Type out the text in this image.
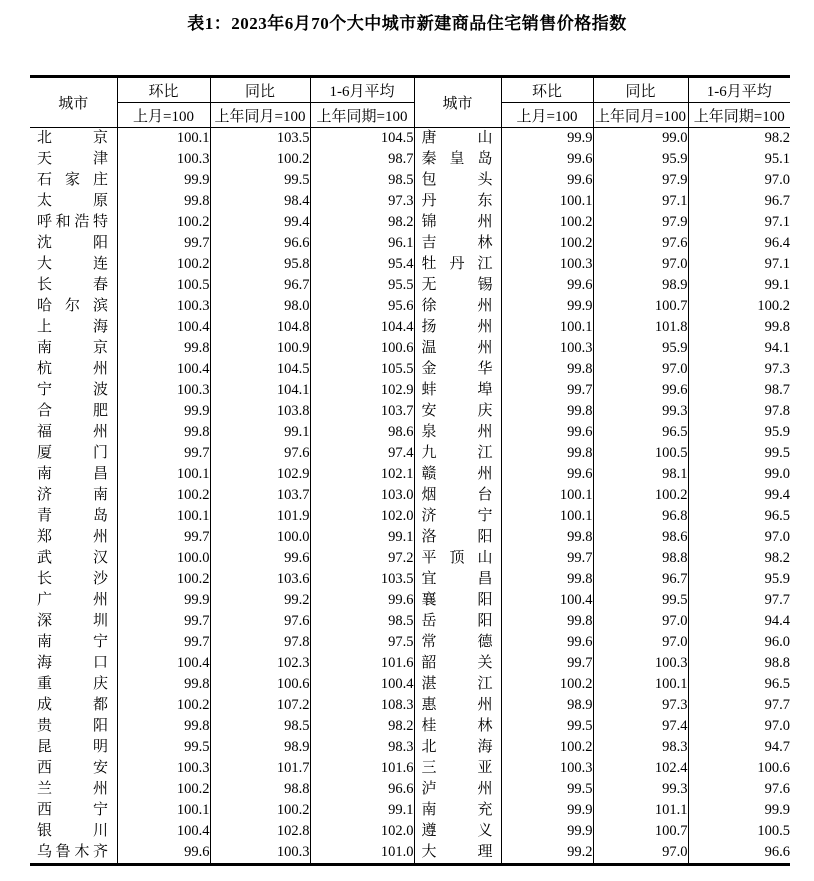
表1：2023年6月70个大中城市新建商品住宅销售价格指数
城市	环比	同比	1-6月平均	城市	环比	同比	1-6月平均
	上月=100	上年同月=100	上年同期=100		上月=100	上年同月=100	上年同期=100

北 京	100.1	103.5	104.5	唐 山	99.9	99.0	98.2

天 津	100.3	100.2	98.7	秦 皇 岛	99.6	95.9	95.1

石 家 庄	99.9	99.5	98.5	包 头	99.6	97.9	97.0

太 原	99.8	98.4	97.3	丹 东	100.1	97.1	96.7

呼 和 浩 特	100.2	99.4	98.2	锦 州	100.2	97.9	97.1

沈 阳	99.7	96.6	96.1	吉 林	100.2	97.6	96.4

大 连	100.2	95.8	95.4	牡 丹 江	100.3	97.0	97.1

长 春	100.5	96.7	95.5	无 锡	99.6	98.9	99.1

哈 尔 滨	100.3	98.0	95.6	徐 州	99.9	100.7	100.2

上 海	100.4	104.8	104.4	扬 州	100.1	101.8	99.8

南 京	99.8	100.9	100.6	温 州	100.3	95.9	94.1

杭 州	100.4	104.5	105.5	金 华	99.8	97.0	97.3

宁 波	100.3	104.1	102.9	蚌 埠	99.7	99.6	98.7

合 肥	99.9	103.8	103.7	安 庆	99.8	99.3	97.8

福 州	99.8	99.1	98.6	泉 州	99.6	96.5	95.9

厦 门	99.7	97.6	97.4	九 江	99.8	100.5	99.5

南 昌	100.1	102.9	102.1	赣 州	99.6	98.1	99.0

济 南	100.2	103.7	103.0	烟 台	100.1	100.2	99.4

青 岛	100.1	101.9	102.0	济 宁	100.1	96.8	96.5

郑 州	99.7	100.0	99.1	洛 阳	99.8	98.6	97.0

武 汉	100.0	99.6	97.2	平 顶 山	99.7	98.8	98.2

长 沙	100.2	103.6	103.5	宜 昌	99.8	96.7	95.9

广 州	99.9	99.2	99.6	襄 阳	100.4	99.5	97.7

深 圳	99.7	97.6	98.5	岳 阳	99.8	97.0	94.4

南 宁	99.7	97.8	97.5	常 德	99.6	97.0	96.0

海 口	100.4	102.3	101.6	韶 关	99.7	100.3	98.8

重 庆	99.8	100.6	100.4	湛 江	100.2	100.1	96.5

成 都	100.2	107.2	108.3	惠 州	98.9	97.3	97.7

贵 阳	99.8	98.5	98.2	桂 林	99.5	97.4	97.0

昆 明	99.5	98.9	98.3	北 海	100.2	98.3	94.7

西 安	100.3	101.7	101.6	三 亚	100.3	102.4	100.6

兰 州	100.2	98.8	96.6	泸 州	99.5	99.3	97.6

西 宁	100.1	100.2	99.1	南 充	99.9	101.1	99.9

银 川	100.4	102.8	102.0	遵 义	99.9	100.7	100.5

乌 鲁 木 齐	99.6	100.3	101.0	大 理	99.2	97.0	96.6
